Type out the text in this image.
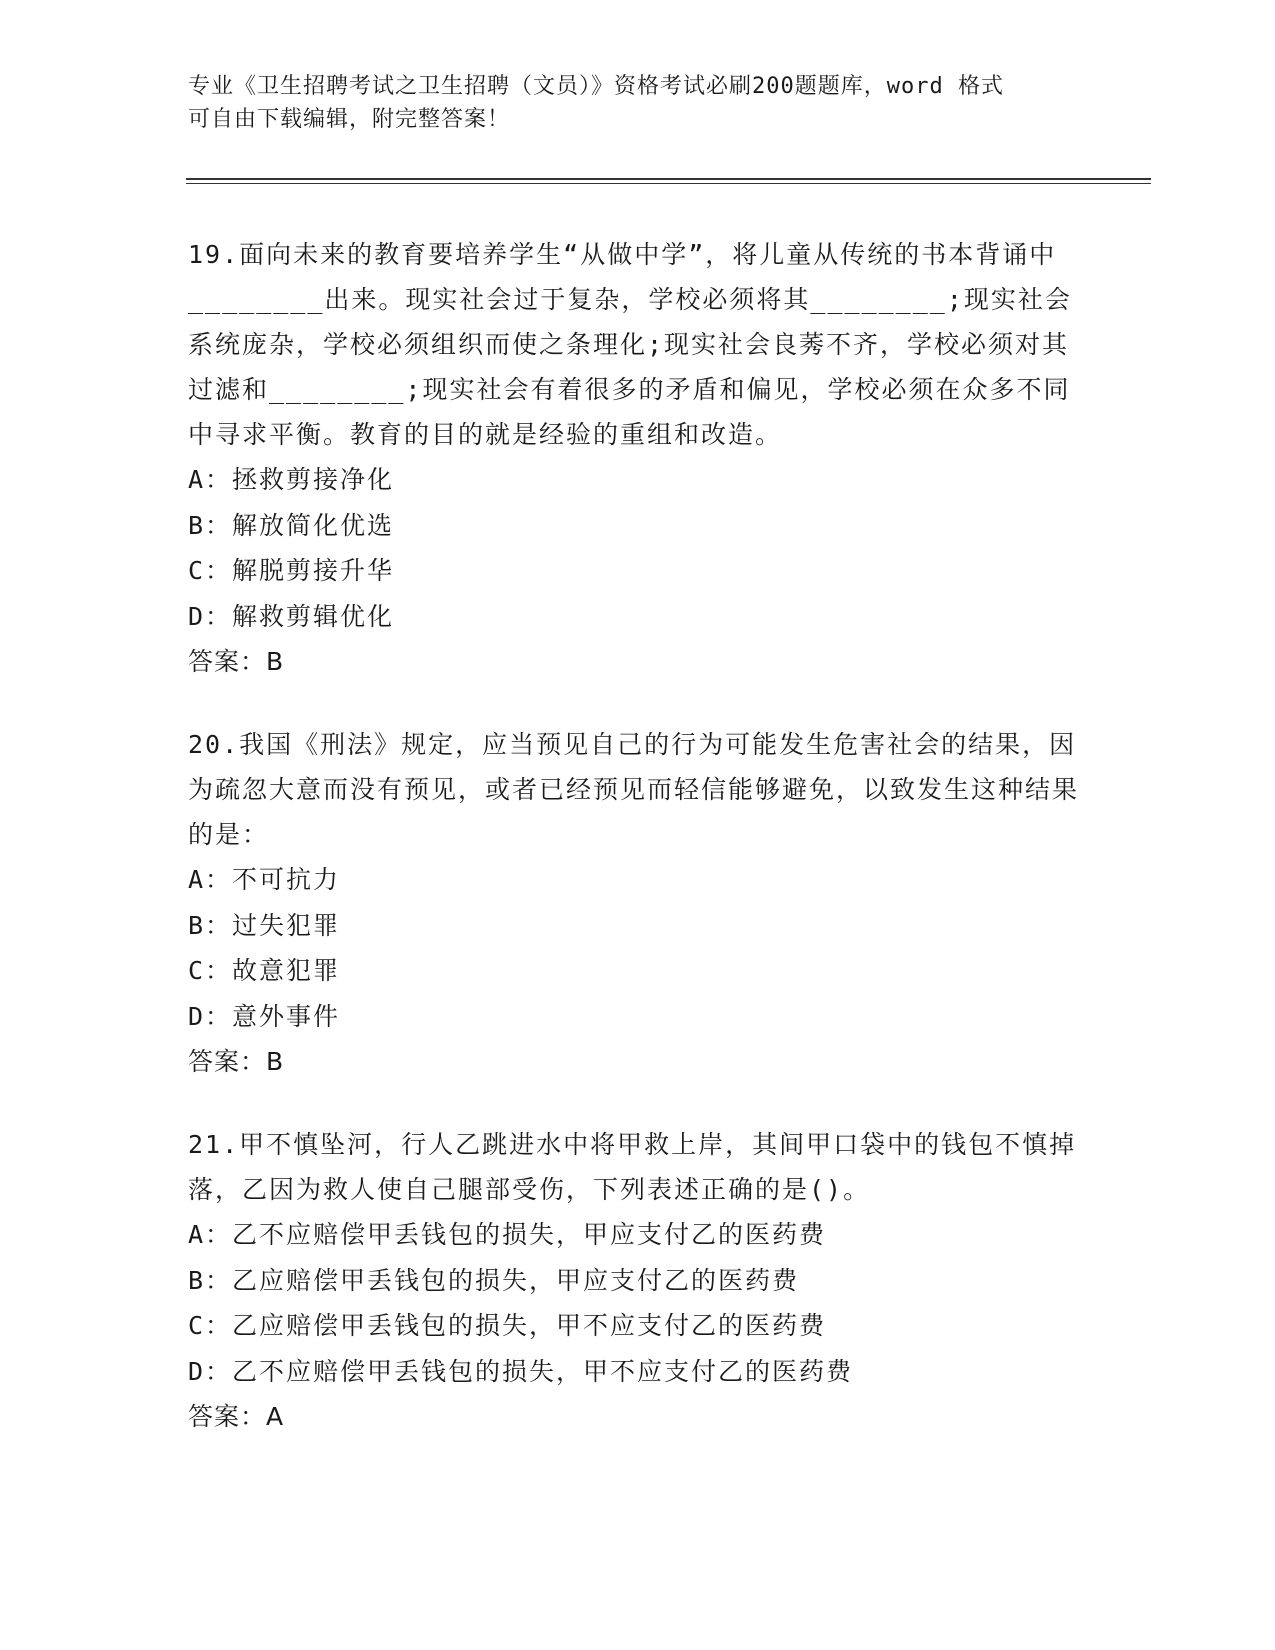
专业《卫生招聘考试之卫生招聘（文员）》资格考试必刷200题题库，word 格式
可自由下载编辑，附完整答案！
19.面向未来的教育要培养学生“从做中学”，将儿童从传统的书本背诵中________出来。现实社会过于复杂，学校必须将其________;现实社会系统庞杂，学校必须组织而使之条理化;现实社会良莠不齐，学校必须对其过滤和________;现实社会有着很多的矛盾和偏见，学校必须在众多不同中寻求平衡。教育的目的就是经验的重组和改造。
A：拯救剪接净化
B：解放简化优选
C：解脱剪接升华
D：解救剪辑优化
答案：B
20.我国《刑法》规定，应当预见自己的行为可能发生危害社会的结果，因为疏忽大意而没有预见，或者已经预见而轻信能够避免，以致发生这种结果的是：
A：不可抗力
B：过失犯罪
C：故意犯罪
D：意外事件
答案：B
21.甲不慎坠河，行人乙跳进水中将甲救上岸，其间甲口袋中的钱包不慎掉落，乙因为救人使自己腿部受伤，下列表述正确的是()。
A：乙不应赔偿甲丢钱包的损失，甲应支付乙的医药费
B：乙应赔偿甲丢钱包的损失，甲应支付乙的医药费
C：乙应赔偿甲丢钱包的损失，甲不应支付乙的医药费
D：乙不应赔偿甲丢钱包的损失，甲不应支付乙的医药费
答案：A
